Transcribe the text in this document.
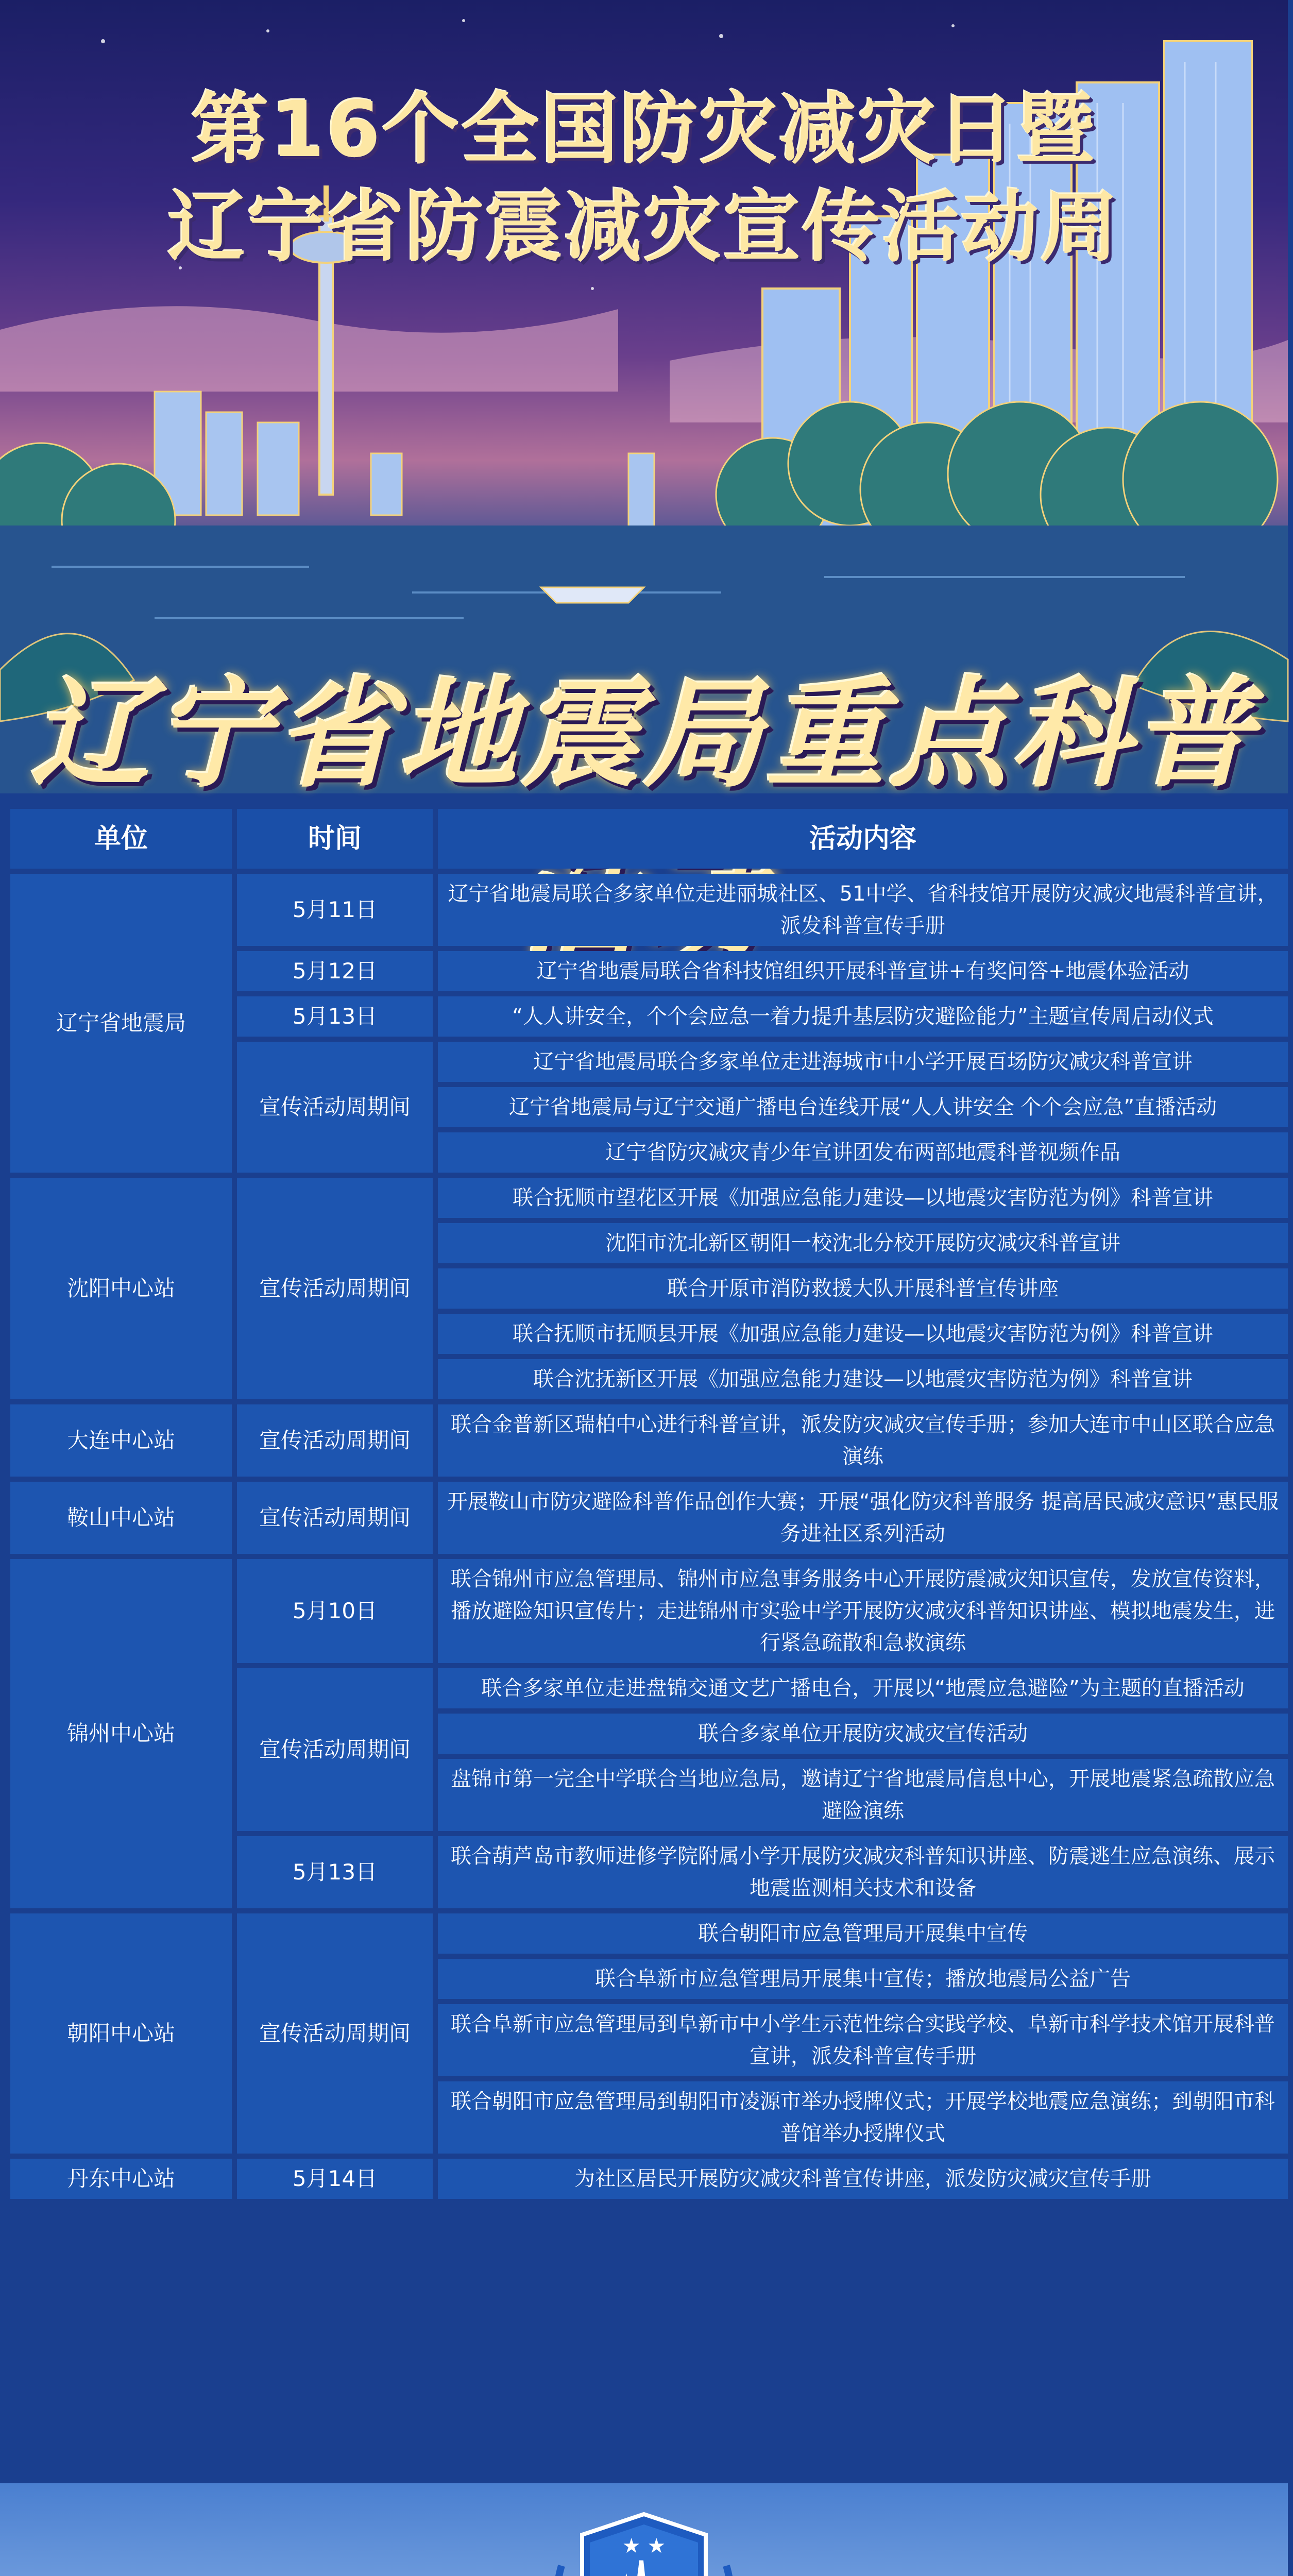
第16个全国防灾减灾日暨
辽宁省防震减灾宣传活动周
辽宁省地震局重点科普
单位	时间	活动内容
辽宁省地震局	5月11日	辽宁省地震局联合多家单位走进丽城社区、51中学、省科技馆开展防灾减灾地震科普宣讲，派发科普宣传手册
	5月12日	辽宁省地震局联合省科技馆组织开展科普宣讲+有奖问答+地震体验活动
	5月13日	“人人讲安全，个个会应急一着力提升基层防灾避险能力”主题宣传周启动仪式
	宣传活动周期间	辽宁省地震局联合多家单位走进海城市中小学开展百场防灾减灾科普宣讲
		辽宁省地震局与辽宁交通广播电台连线开展“人人讲安全 个个会应急”直播活动
		辽宁省防灾减灾青少年宣讲团发布两部地震科普视频作品
沈阳中心站	宣传活动周期间	联合抚顺市望花区开展《加强应急能力建设—以地震灾害防范为例》科普宣讲
		沈阳市沈北新区朝阳一校沈北分校开展防灾减灾科普宣讲
		联合开原市消防救援大队开展科普宣传讲座
		联合抚顺市抚顺县开展《加强应急能力建设—以地震灾害防范为例》科普宣讲
		联合沈抚新区开展《加强应急能力建设—以地震灾害防范为例》科普宣讲
大连中心站	宣传活动周期间	联合金普新区瑞柏中心进行科普宣讲，派发防灾减灾宣传手册；参加大连市中山区联合应急演练
鞍山中心站	宣传活动周期间	开展鞍山市防灾避险科普作品创作大赛；开展“强化防灾科普服务 提高居民减灾意识”惠民服务进社区系列活动
锦州中心站	5月10日	联合锦州市应急管理局、锦州市应急事务服务中心开展防震减灾知识宣传，发放宣传资料，播放避险知识宣传片；走进锦州市实验中学开展防灾减灾科普知识讲座、模拟地震发生，进行紧急疏散和急救演练
	宣传活动周期间	联合多家单位走进盘锦交通文艺广播电台，开展以“地震应急避险”为主题的直播活动
		联合多家单位开展防灾减灾宣传活动
		盘锦市第一完全中学联合当地应急局，邀请辽宁省地震局信息中心，开展地震紧急疏散应急避险演练
	5月13日	联合葫芦岛市教师进修学院附属小学开展防灾减灾科普知识讲座、防震逃生应急演练、展示地震监测相关技术和设备
朝阳中心站	宣传活动周期间	联合朝阳市应急管理局开展集中宣传
		联合阜新市应急管理局开展集中宣传；播放地震局公益广告
		联合阜新市应急管理局到阜新市中小学生示范性综合实践学校、阜新市科学技术馆开展科普宣讲，派发科普宣传手册
		联合朝阳市应急管理局到朝阳市凌源市举办授牌仪式；开展学校地震应急演练；到朝阳市科普馆举办授牌仪式
丹东中心站	5月14日	为社区居民开展防灾减灾科普宣传讲座，派发防灾减灾宣传手册
★ ★
